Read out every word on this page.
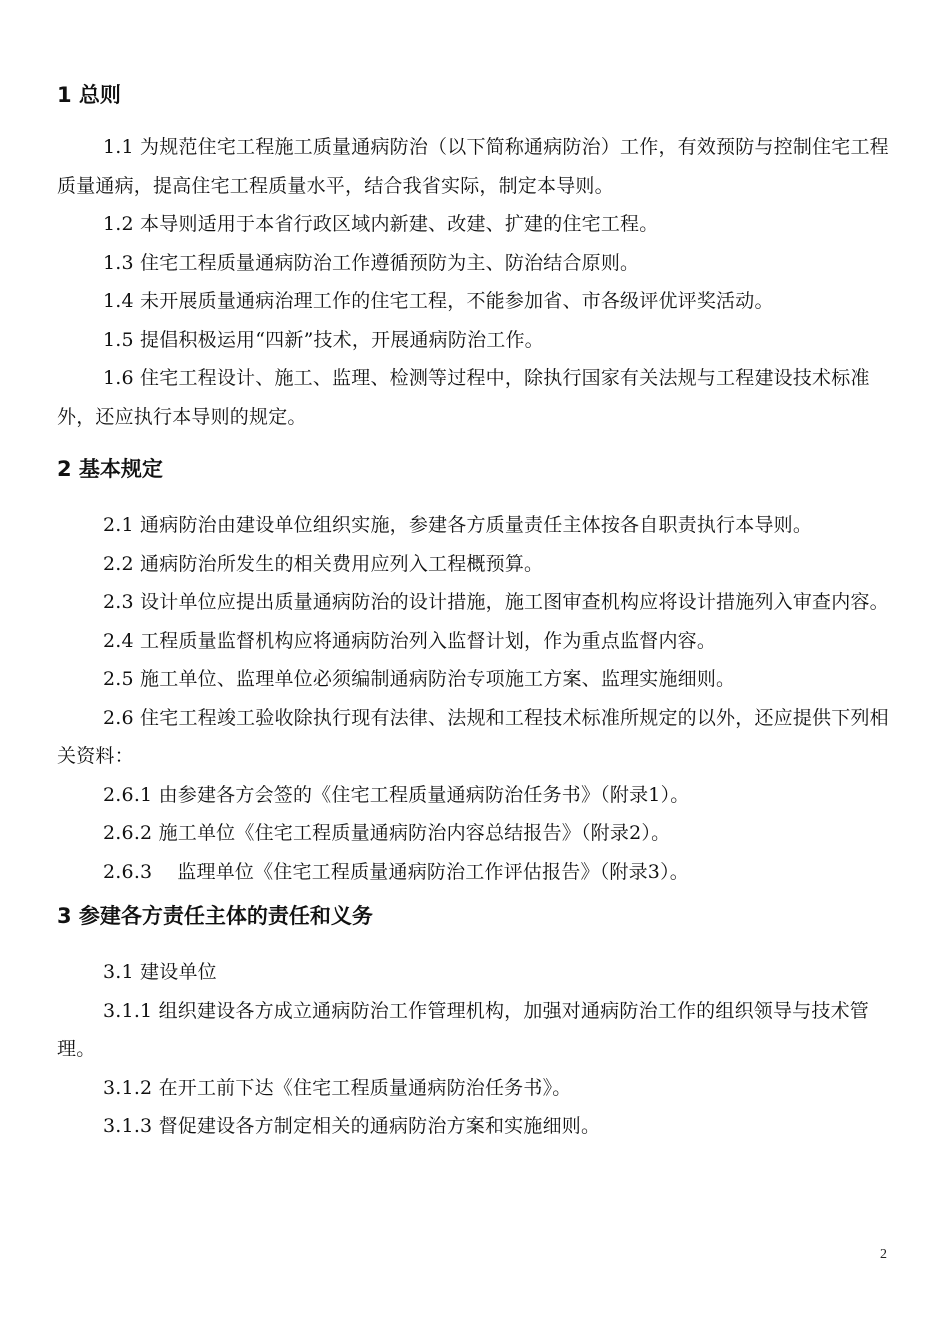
1 总则

1.1 为规范住宅工程施工质量通病防治（以下简称通病防治）工作，有效预防与控制住宅工程质量通病，提高住宅工程质量水平，结合我省实际，制定本导则。

1.2 本导则适用于本省行政区域内新建、改建、扩建的住宅工程。

1.3 住宅工程质量通病防治工作遵循预防为主、防治结合原则。

1.4 未开展质量通病治理工作的住宅工程，不能参加省、市各级评优评奖活动。

1.5 提倡积极运用“四新”技术，开展通病防治工作。

1.6 住宅工程设计、施工、监理、检测等过程中，除执行国家有关法规与工程建设技术标准外，还应执行本导则的规定。

2 基本规定

2.1 通病防治由建设单位组织实施，参建各方质量责任主体按各自职责执行本导则。

2.2 通病防治所发生的相关费用应列入工程概预算。

2.3 设计单位应提出质量通病防治的设计措施，施工图审查机构应将设计措施列入审查内容。

2.4 工程质量监督机构应将通病防治列入监督计划，作为重点监督内容。

2.5 施工单位、监理单位必须编制通病防治专项施工方案、监理实施细则。

2.6 住宅工程竣工验收除执行现有法律、法规和工程技术标准所规定的以外，还应提供下列相关资料：

2.6.1 由参建各方会签的《住宅工程质量通病防治任务书》（附录1）。

2.6.2 施工单位《住宅工程质量通病防治内容总结报告》（附录2）。

2.6.3    监理单位《住宅工程质量通病防治工作评估报告》（附录3）。

3 参建各方责任主体的责任和义务

3.1 建设单位

3.1.1 组织建设各方成立通病防治工作管理机构，加强对通病防治工作的组织领导与技术管理。

3.1.2 在开工前下达《住宅工程质量通病防治任务书》。

3.1.3 督促建设各方制定相关的通病防治方案和实施细则。

2
